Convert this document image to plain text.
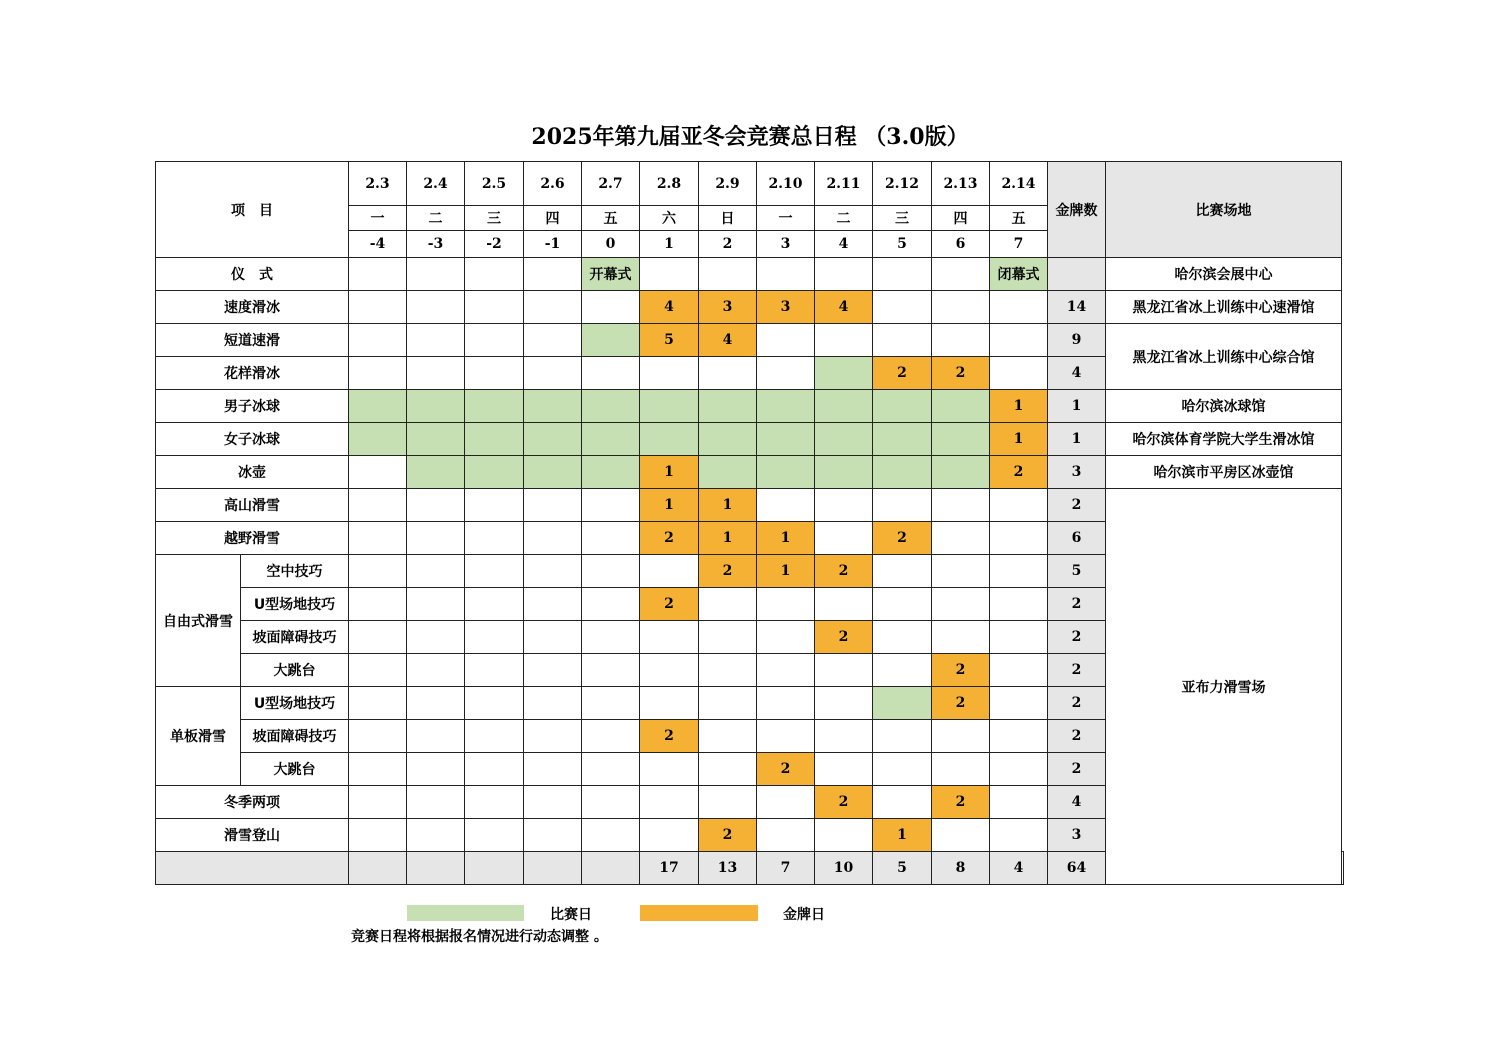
2025年第九届亚冬会竞赛总日程 （3.0版）
项　目		2.3	2.4	2.5	2.6	2.7	2.8	2.9	2.10	2.11	2.12	2.13	2.14	金牌数	比赛场地	
		一	二	三	四	五	六	日	一	二	三	四	五			
		-4	-3	-2	-1	0	1	2	3	4	5	6	7			
仪　式						开幕式							闭幕式		哈尔滨会展中心	
速度滑冰							4	3	3	4				14	黑龙江省冰上训练中心速滑馆	
短道速滑							5	4						9	黑龙江省冰上训练中心综合馆	
花样滑冰											2	2		4		
男子冰球													1	1	哈尔滨冰球馆	
女子冰球													1	1	哈尔滨体育学院大学生滑冰馆	
冰壶							1						2	3	哈尔滨市平房区冰壶馆	
高山滑雪							1	1						2	亚布力滑雪场	
越野滑雪							2	1	1		2			6		
自由式滑雪	空中技巧							2	1	2				5		
	U型场地技巧						2							2		
	坡面障碍技巧									2				2		
	大跳台											2		2		
单板滑雪	U型场地技巧											2		2		
	坡面障碍技巧						2							2		
	大跳台								2					2		
冬季两项										2		2		4		
滑雪登山								2			1			3		
							17	13	7	10	5	8	4	64		
比赛日	金牌日
竞赛日程将根据报名情况进行动态调整 。
